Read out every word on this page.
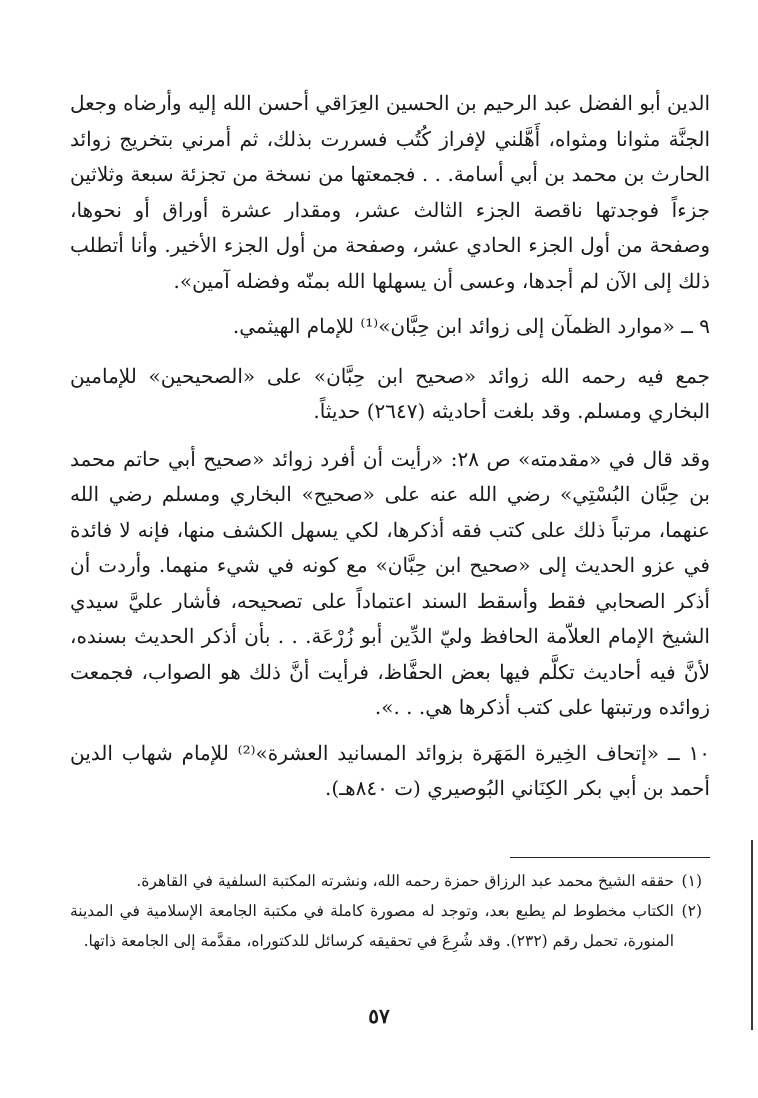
الدين أبو الفضل عبد الرحيم بن الحسين العِرَاقي أحسن الله إليه وأرضاه وجعل الجنَّة مثوانا ومثواه، أَهَّلني لإفراز كُتُب فسررت بذلك، ثم أمرني بتخريج زوائد الحارث بن محمد بن أبي أسامة. . . فجمعتها من نسخة من تجزئة سبعة وثلاثين جزءاً فوجدتها ناقصة الجزء الثالث عشر، ومقدار عشرة أوراق أو نحوها، وصفحة من أول الجزء الحادي عشر، وصفحة من أول الجزء الأخير. وأنا أتطلب ذلك إلى الآن لم أجدها، وعسى أن يسهلها الله بمنّه وفضله آمين».

٩ ــ «موارد الظمآن إلى زوائد ابن حِبَّان»⁽¹⁾ للإمام الهيثمي.

جمع فيه رحمه الله زوائد «صحيح ابن حِبَّان» على «الصحيحين» للإمامين البخاري ومسلم. وقد بلغت أحاديثه (٢٦٤٧) حديثاً.

وقد قال في «مقدمته» ص ٢٨: «رأيت أن أفرد زوائد «صحيح أبي حاتم محمد بن حِبَّان البُسْتِي» رضي الله عنه على «صحيح» البخاري ومسلم رضي الله عنهما، مرتباً ذلك على كتب فقه أذكرها، لكي يسهل الكشف منها، فإنه لا فائدة في عزو الحديث إلى «صحيح ابن حِبَّان» مع كونه في شيء منهما. وأردت أن أذكر الصحابي فقط وأسقط السند اعتماداً على تصحيحه، فأشار عليَّ سيدي الشيخ الإمام العلاّمة الحافظ وليّ الدِّين أبو زُرْعَة. . . بأن أذكر الحديث بسنده، لأنَّ فيه أحاديث تكلَّم فيها بعض الحفَّاظ، فرأيت أنَّ ذلك هو الصواب، فجمعت زوائده ورتبتها على كتب أذكرها هي. . .».

١٠ ــ «إتحاف الخِيرة المَهَرة بزوائد المسانيد العشرة»⁽²⁾ للإمام شهاب الدين أحمد بن أبي بكر الكِنَاني البُوصيري (ت ٨٤٠هـ).

(١)
حققه الشيخ محمد عبد الرزاق حمزة رحمه الله، ونشرته المكتبة السلفية في القاهرة.

(٢)
الكتاب مخطوط لم يطبع بعد، وتوجد له مصورة كاملة في مكتبة الجامعة الإسلامية في المدينة المنورة، تحمل رقم (٢٣٢). وقد شُرِعَ في تحقيقه كرسائل للدكتوراه، مقدَّمة إلى الجامعة ذاتها.

٥٧
